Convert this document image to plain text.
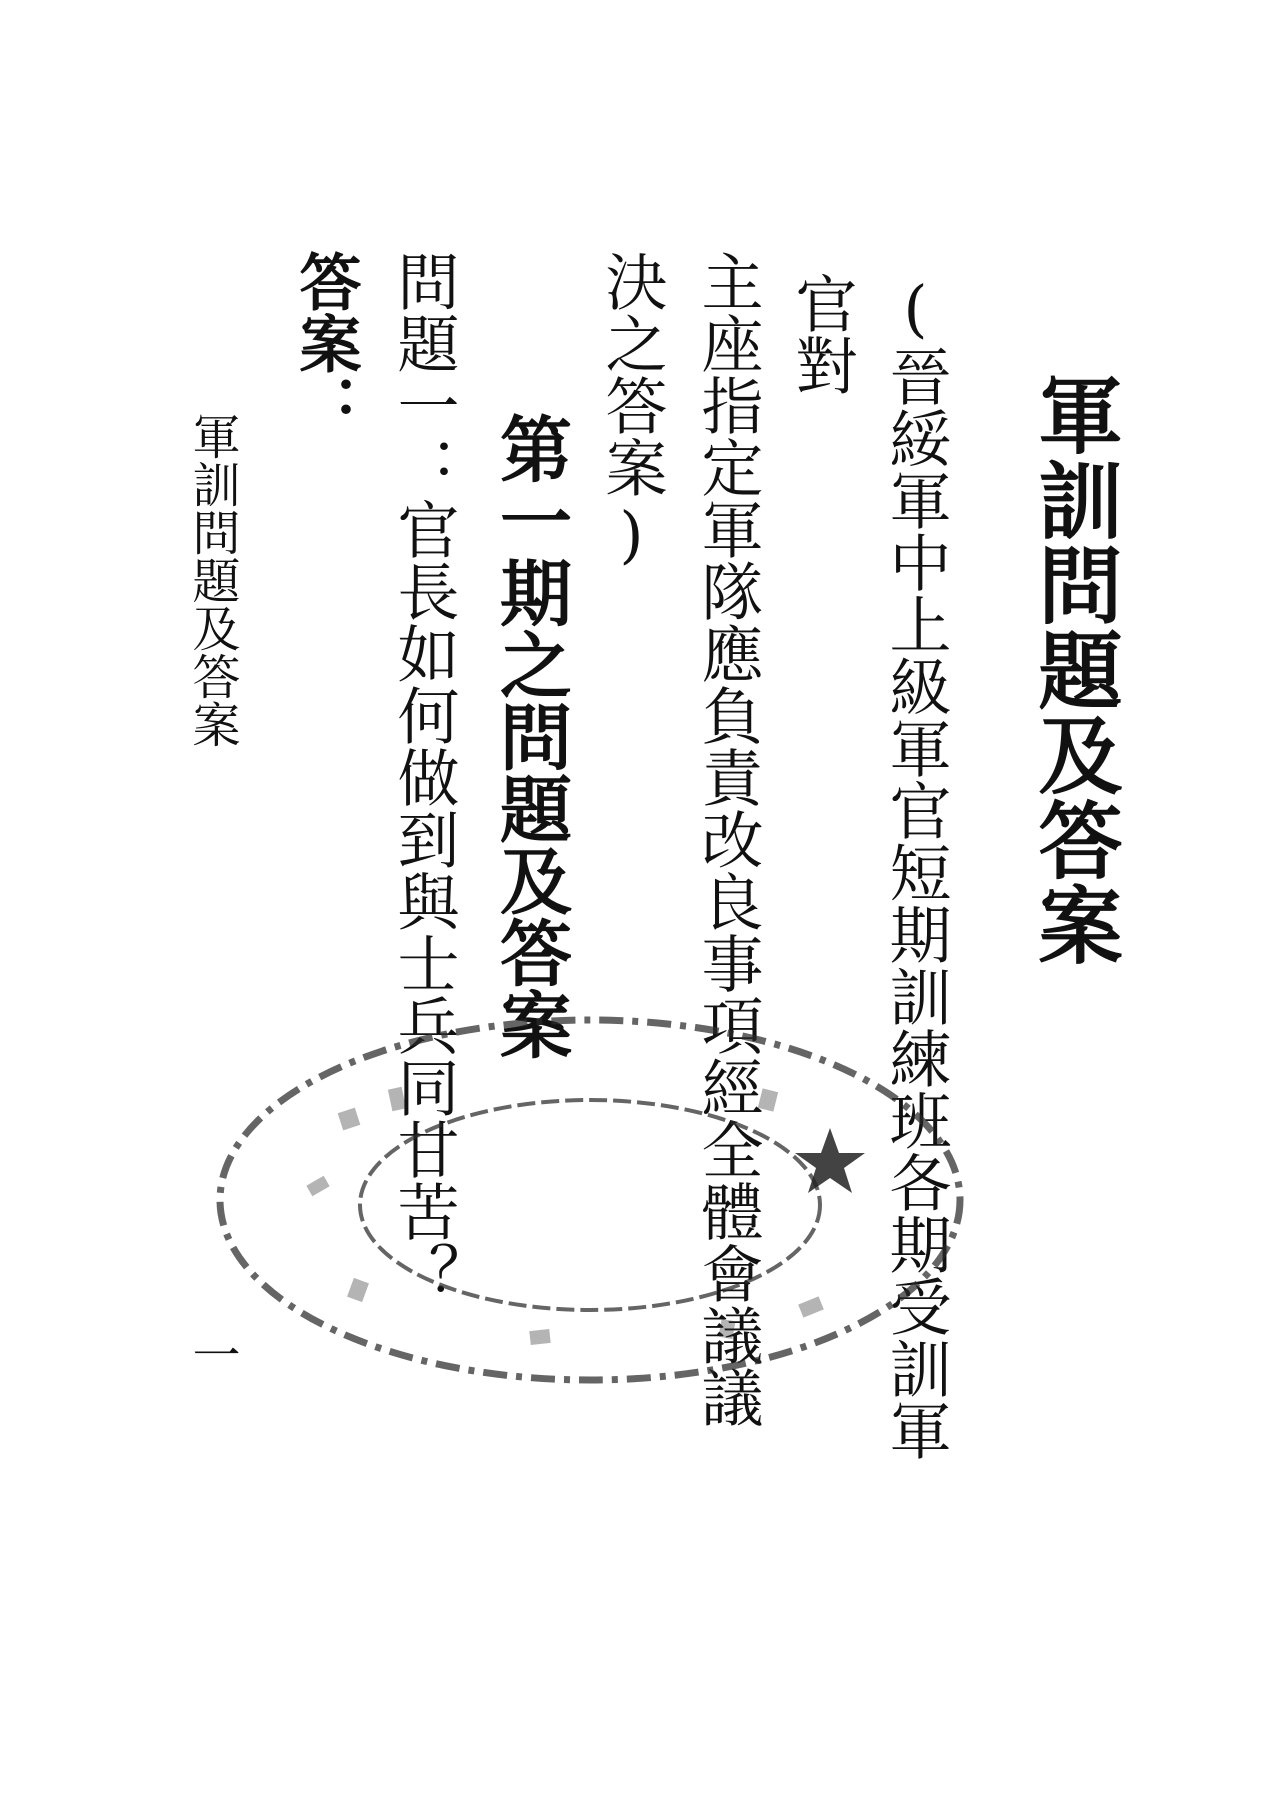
軍訓問題及答案
(晉綏軍中上級軍官短期訓練班各期受訓軍
官對
主座指定軍隊應負責改良事項經全體會議議
決之答案)
第一期之問題及答案
問題一：官長如何做到與士兵同甘苦？
答案：
軍訓問題及答案
一
